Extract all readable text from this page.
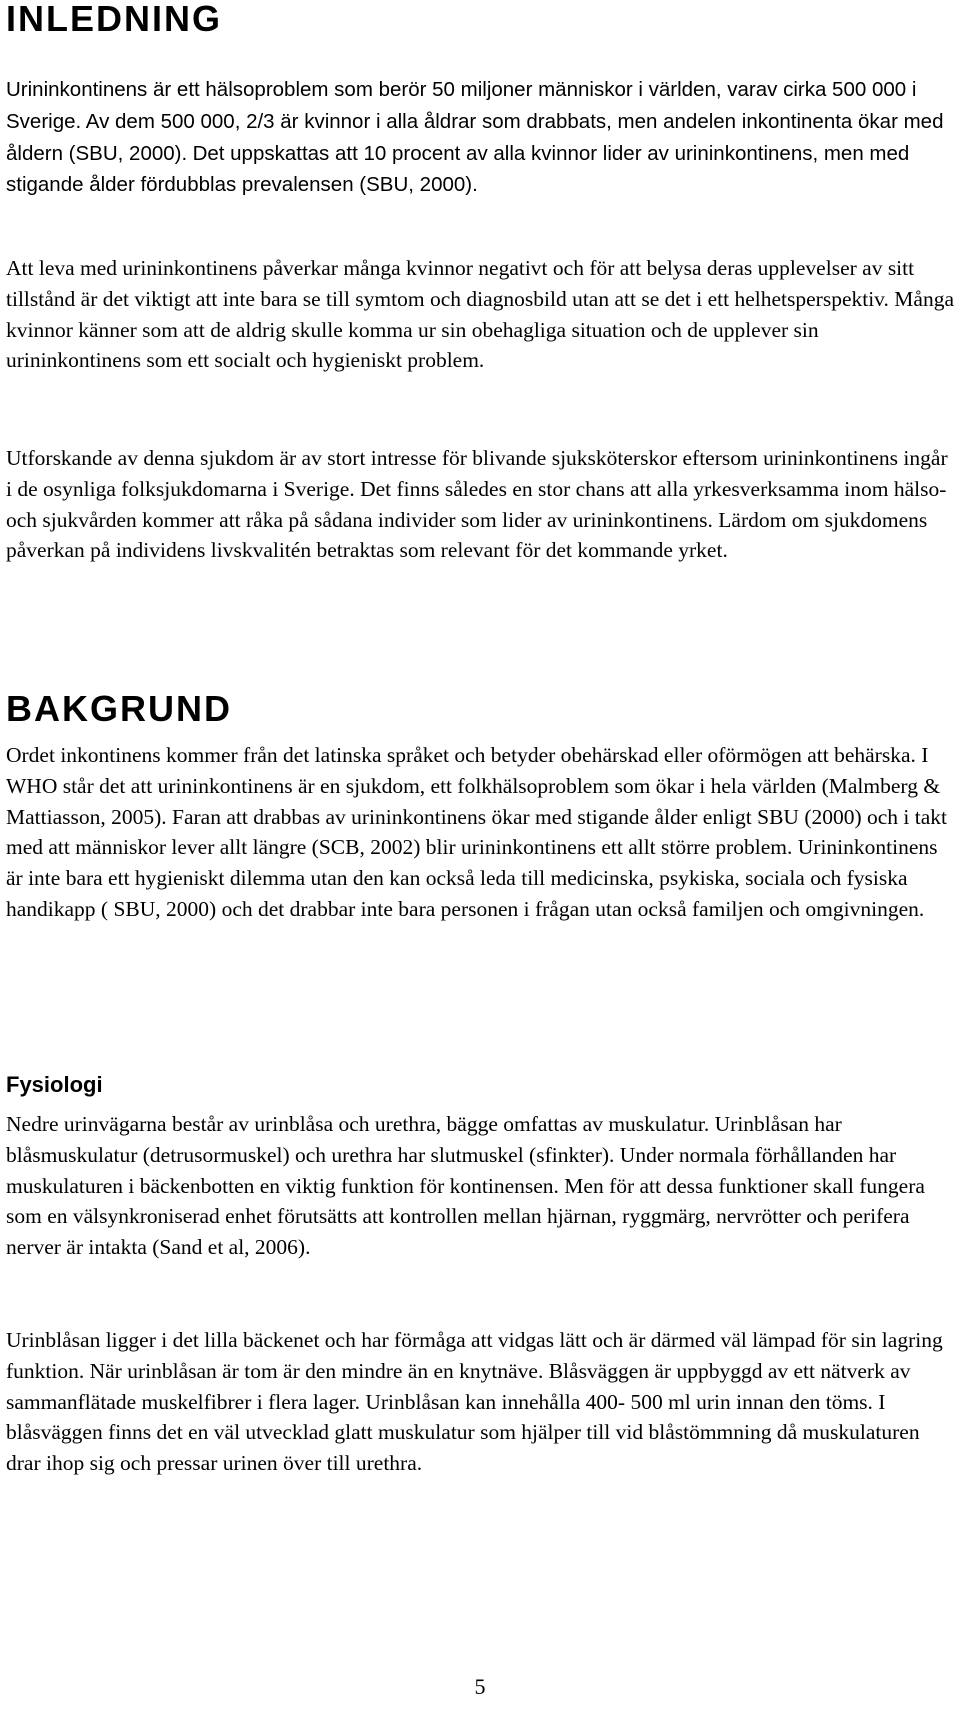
INLEDNING

Urininkontinens är ett hälsoproblem som berör 50 miljoner människor i världen, varav cirka 500 000 i Sverige. Av dem 500 000, 2/3 är kvinnor i alla åldrar som drabbats, men andelen inkontinenta ökar med åldern (SBU, 2000). Det uppskattas att 10 procent av alla kvinnor lider av urininkontinens, men med stigande ålder fördubblas prevalensen (SBU, 2000).

Att leva med urininkontinens påverkar många kvinnor negativt och för att belysa deras upplevelser av sitt tillstånd är det viktigt att inte bara se till symtom och diagnosbild utan att se det i ett helhetsperspektiv. Många kvinnor känner som att de aldrig skulle komma ur sin obehagliga situation och de upplever sin urininkontinens som ett socialt och hygieniskt problem.

Utforskande av denna sjukdom är av stort intresse för blivande sjuksköterskor eftersom urininkontinens ingår i de osynliga folksjukdomarna i Sverige. Det finns således en stor chans att alla yrkesverksamma inom hälso- och sjukvården kommer att råka på sådana individer som lider av urininkontinens. Lärdom om sjukdomens påverkan på individens livskvalitén betraktas som relevant för det kommande yrket.

BAKGRUND

Ordet inkontinens kommer från det latinska språket och betyder obehärskad eller oförmögen att behärska. I WHO står det att urininkontinens är en sjukdom, ett folkhälsoproblem som ökar i hela världen (Malmberg & Mattiasson, 2005). Faran att drabbas av urininkontinens ökar med stigande ålder enligt SBU (2000) och i takt med att människor lever allt längre (SCB, 2002) blir urininkontinens ett allt större problem. Urininkontinens är inte bara ett hygieniskt dilemma utan den kan också leda till medicinska, psykiska, sociala och fysiska handikapp ( SBU, 2000) och det drabbar inte bara personen i frågan utan också familjen och omgivningen.

Fysiologi

Nedre urinvägarna består av urinblåsa och urethra, bägge omfattas av muskulatur. Urinblåsan har blåsmuskulatur (detrusormuskel) och urethra har slutmuskel (sfinkter). Under normala förhållanden har muskulaturen i bäckenbotten en viktig funktion för kontinensen. Men för att dessa funktioner skall fungera som en välsynkroniserad enhet förutsätts att kontrollen mellan hjärnan, ryggmärg, nervrötter och perifera nerver är intakta (Sand et al, 2006).

Urinblåsan ligger i det lilla bäckenet och har förmåga att vidgas lätt och är därmed väl lämpad för sin lagring funktion. När urinblåsan är tom är den mindre än en knytnäve. Blåsväggen är uppbyggd av ett nätverk av sammanflätade muskelfibrer i flera lager. Urinblåsan kan innehålla 400- 500 ml urin innan den töms. I blåsväggen finns det en väl utvecklad glatt muskulatur som hjälper till vid blåstömmning då muskulaturen drar ihop sig och pressar urinen över till urethra.

5
